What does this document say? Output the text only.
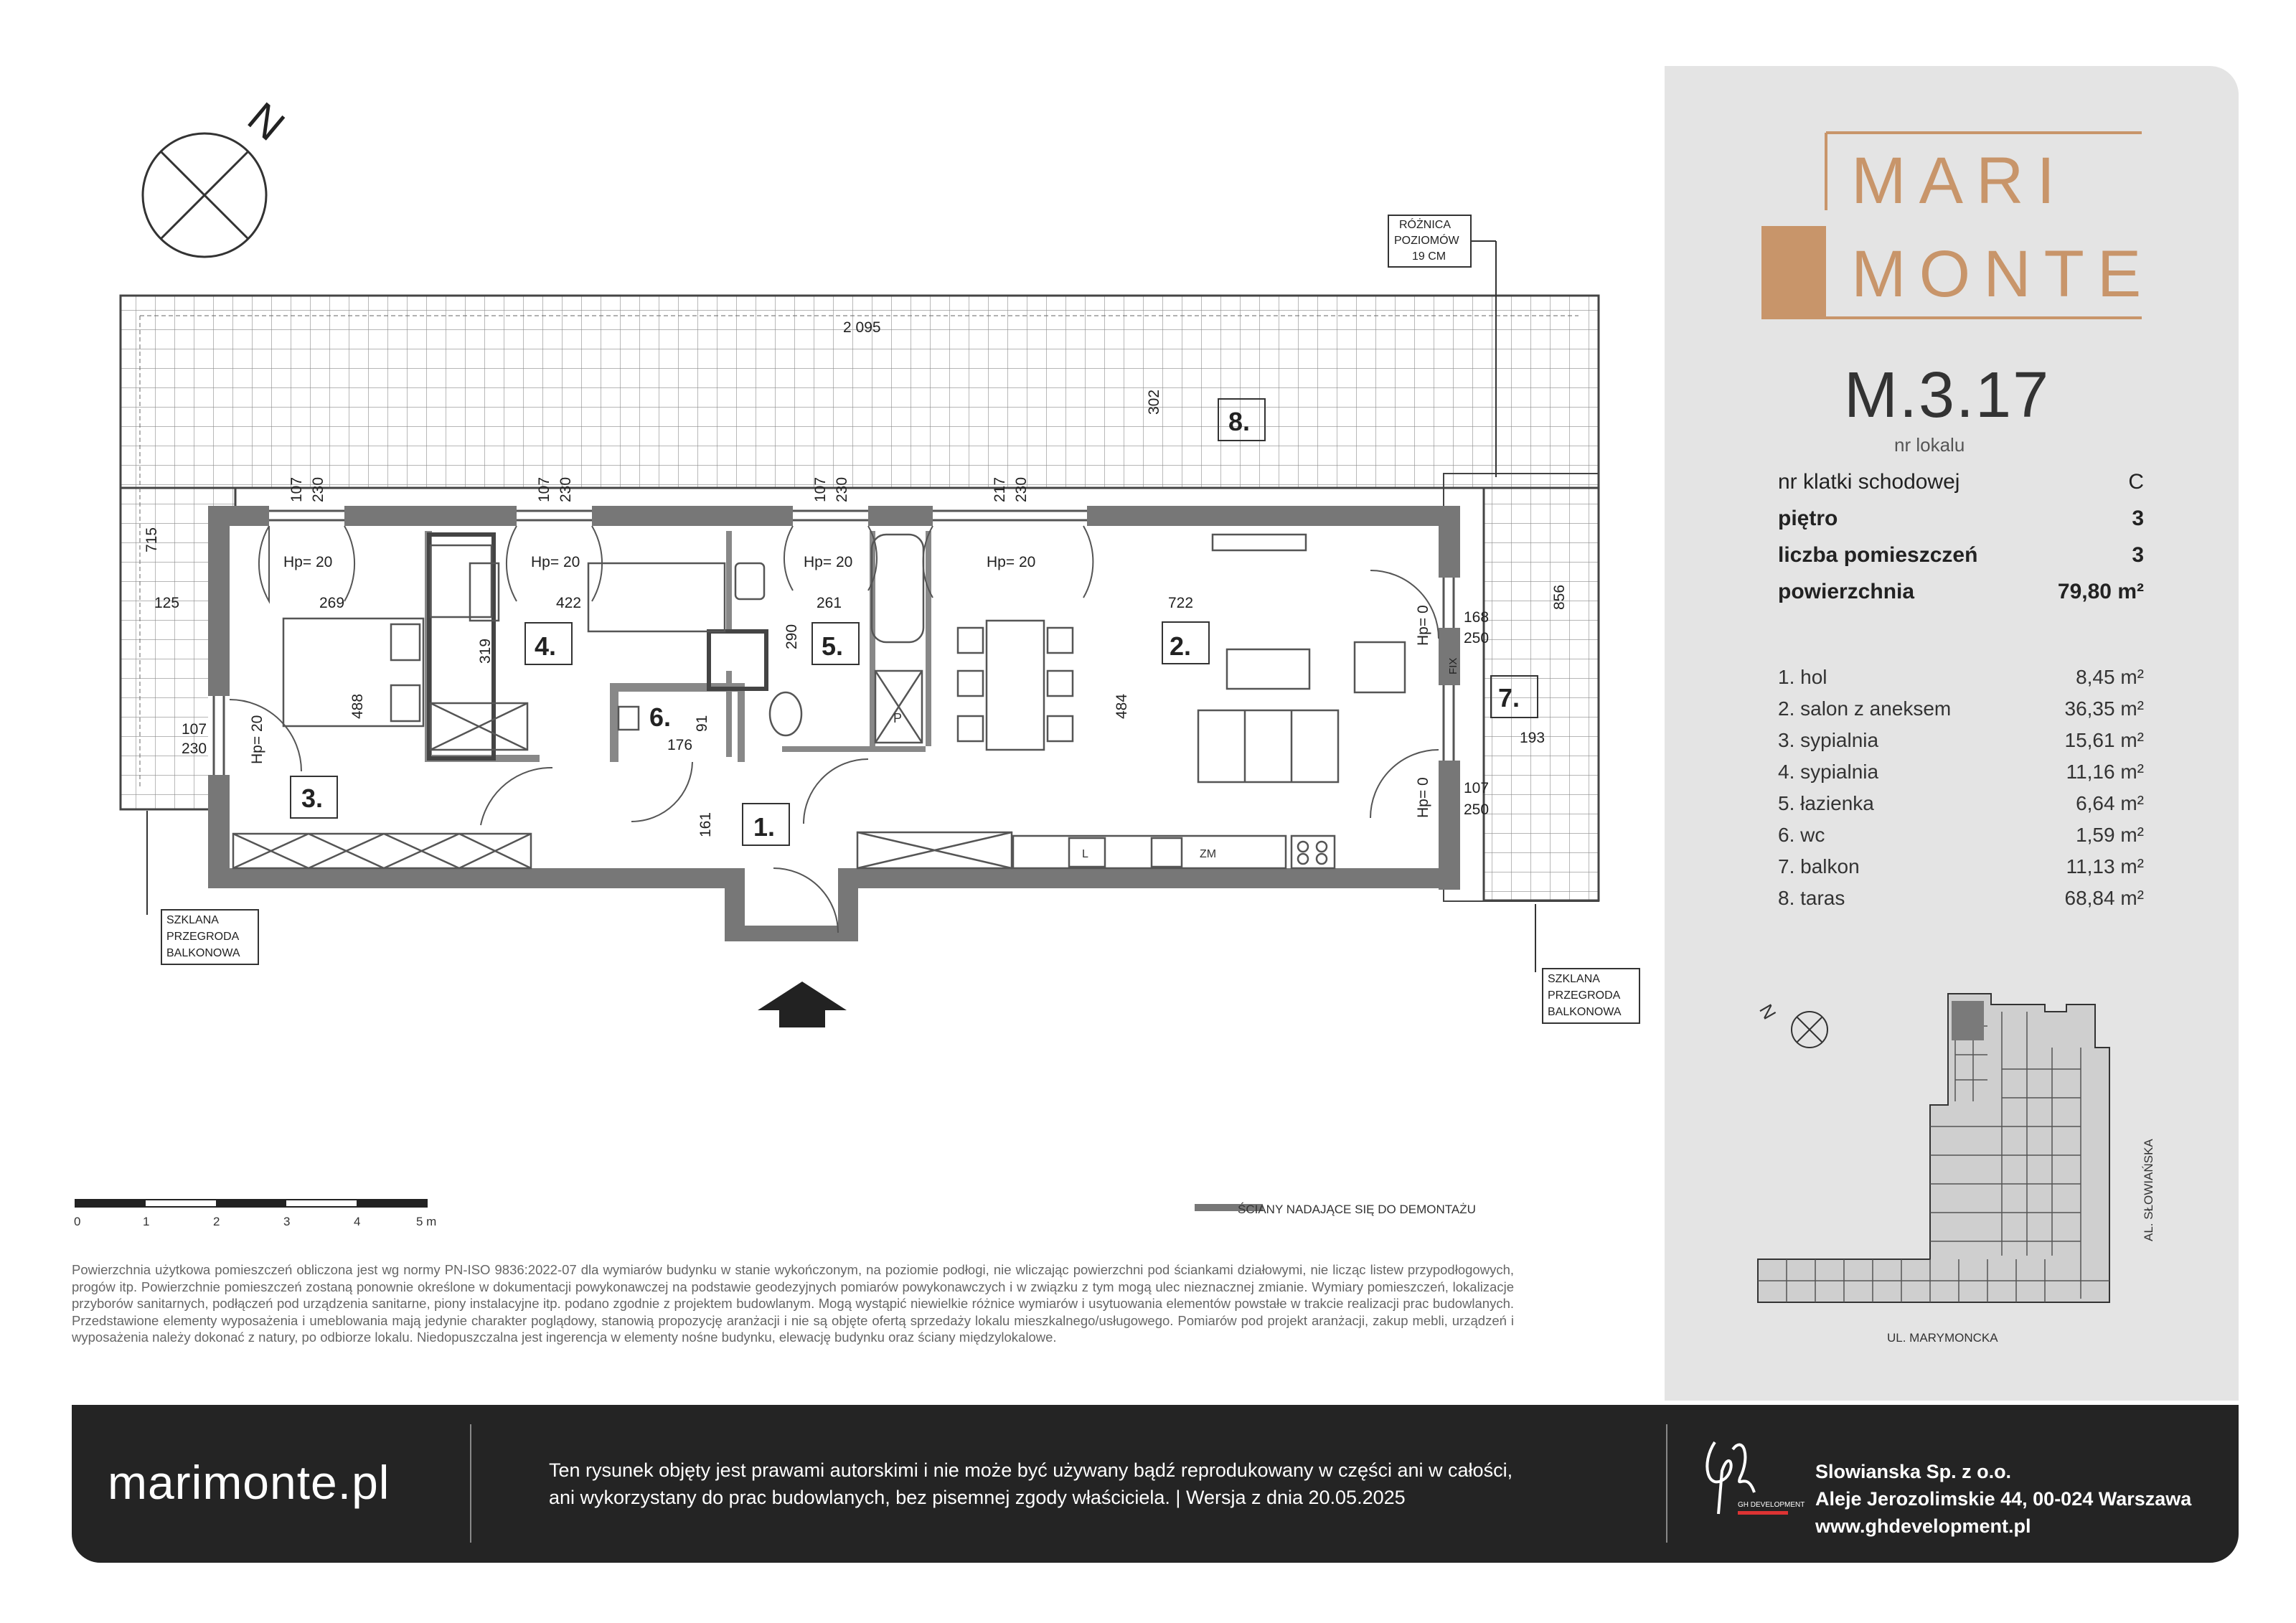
N
P
L	ZM
1.
2.
3.
4.	5.
6.
7.
8.
2 095
302
715
125	269	422	261	722
319
290
488	484
161
176
91
856
193
107 230	107 230	107 230	217 230
107
230
168
250
107
250
Hp= 20	Hp= 20	Hp= 20	Hp= 20
Hp= 20
Hp= 0
Hp= 0
FIX
RÓŻNICA
POZIOMÓW
19 CM
SZKLANA
PRZEGRODA
BALKONOWA
SZKLANA
PRZEGRODA
BALKONOWA
0	1	2	3	4	5 m
ŚCIANY NADAJĄCE SIĘ DO DEMONTAŻU
Powierzchnia użytkowa pomieszczeń obliczona jest wg normy PN-ISO 9836:2022-07 dla wymiarów budynku w stanie wykończonym, na poziomie podłogi, nie wliczając powierzchni pod ściankami działowymi, nie licząc listew przypodłogowych, progów itp. Powierzchnie pomieszczeń zostaną ponownie określone w dokumentacji powykonawczej na podstawie geodezyjnych pomiarów powykonawczych i w związku z tym mogą ulec nieznacznej zmianie. Wymiary pomieszczeń, lokalizacje przyborów sanitarnych, podłączeń pod urządzenia sanitarne, piony instalacyjne itp. podano zgodnie z projektem budowlanym. Mogą wystąpić niewielkie różnice wymiarów i usytuowania elementów powstałe w trakcie realizacji prac budowlanych. Przedstawione elementy wyposażenia i umeblowania mają jedynie charakter poglądowy, stanowią propozycję aranżacji i nie są objęte ofertą sprzedaży lokalu mieszkalnego/usługowego. Pomiarów pod projekt aranżacji, zakup mebli, urządzeń i wyposażenia należy dokonać z natury, po odbiorze lokalu. Niedopuszczalna jest ingerencja w elementy nośne budynku, elewację budynku oraz ściany międzylokalowe.
MARI
MONTE
M.3.17
nr lokalu
nr klatki schodowej	C
piętro	3
liczba pomieszczeń	3
powierzchnia	79,80 m²
1. hol	8,45 m²
2. salon z aneksem	36,35 m²
3. sypialnia	15,61 m²
4. sypialnia	11,16 m²
5. łazienka	6,64 m²
6. wc	1,59 m²
7. balkon	11,13 m²
8. taras	68,84 m²
N
AL. SŁOWIAŃSKA
UL. MARYMONCKA
marimonte.pl	Ten rysunek objęty jest prawami autorskimi i nie może być używany bądź reprodukowany w części ani w całości,
ani wykorzystany do prac budowlanych, bez pisemnej zgody właściciela. | Wersja z dnia 20.05.2025	GH DEVELOPMENT
Slowianska Sp. z o.o.
Aleje Jerozolimskie 44, 00-024 Warszawa
www.ghdevelopment.pl
